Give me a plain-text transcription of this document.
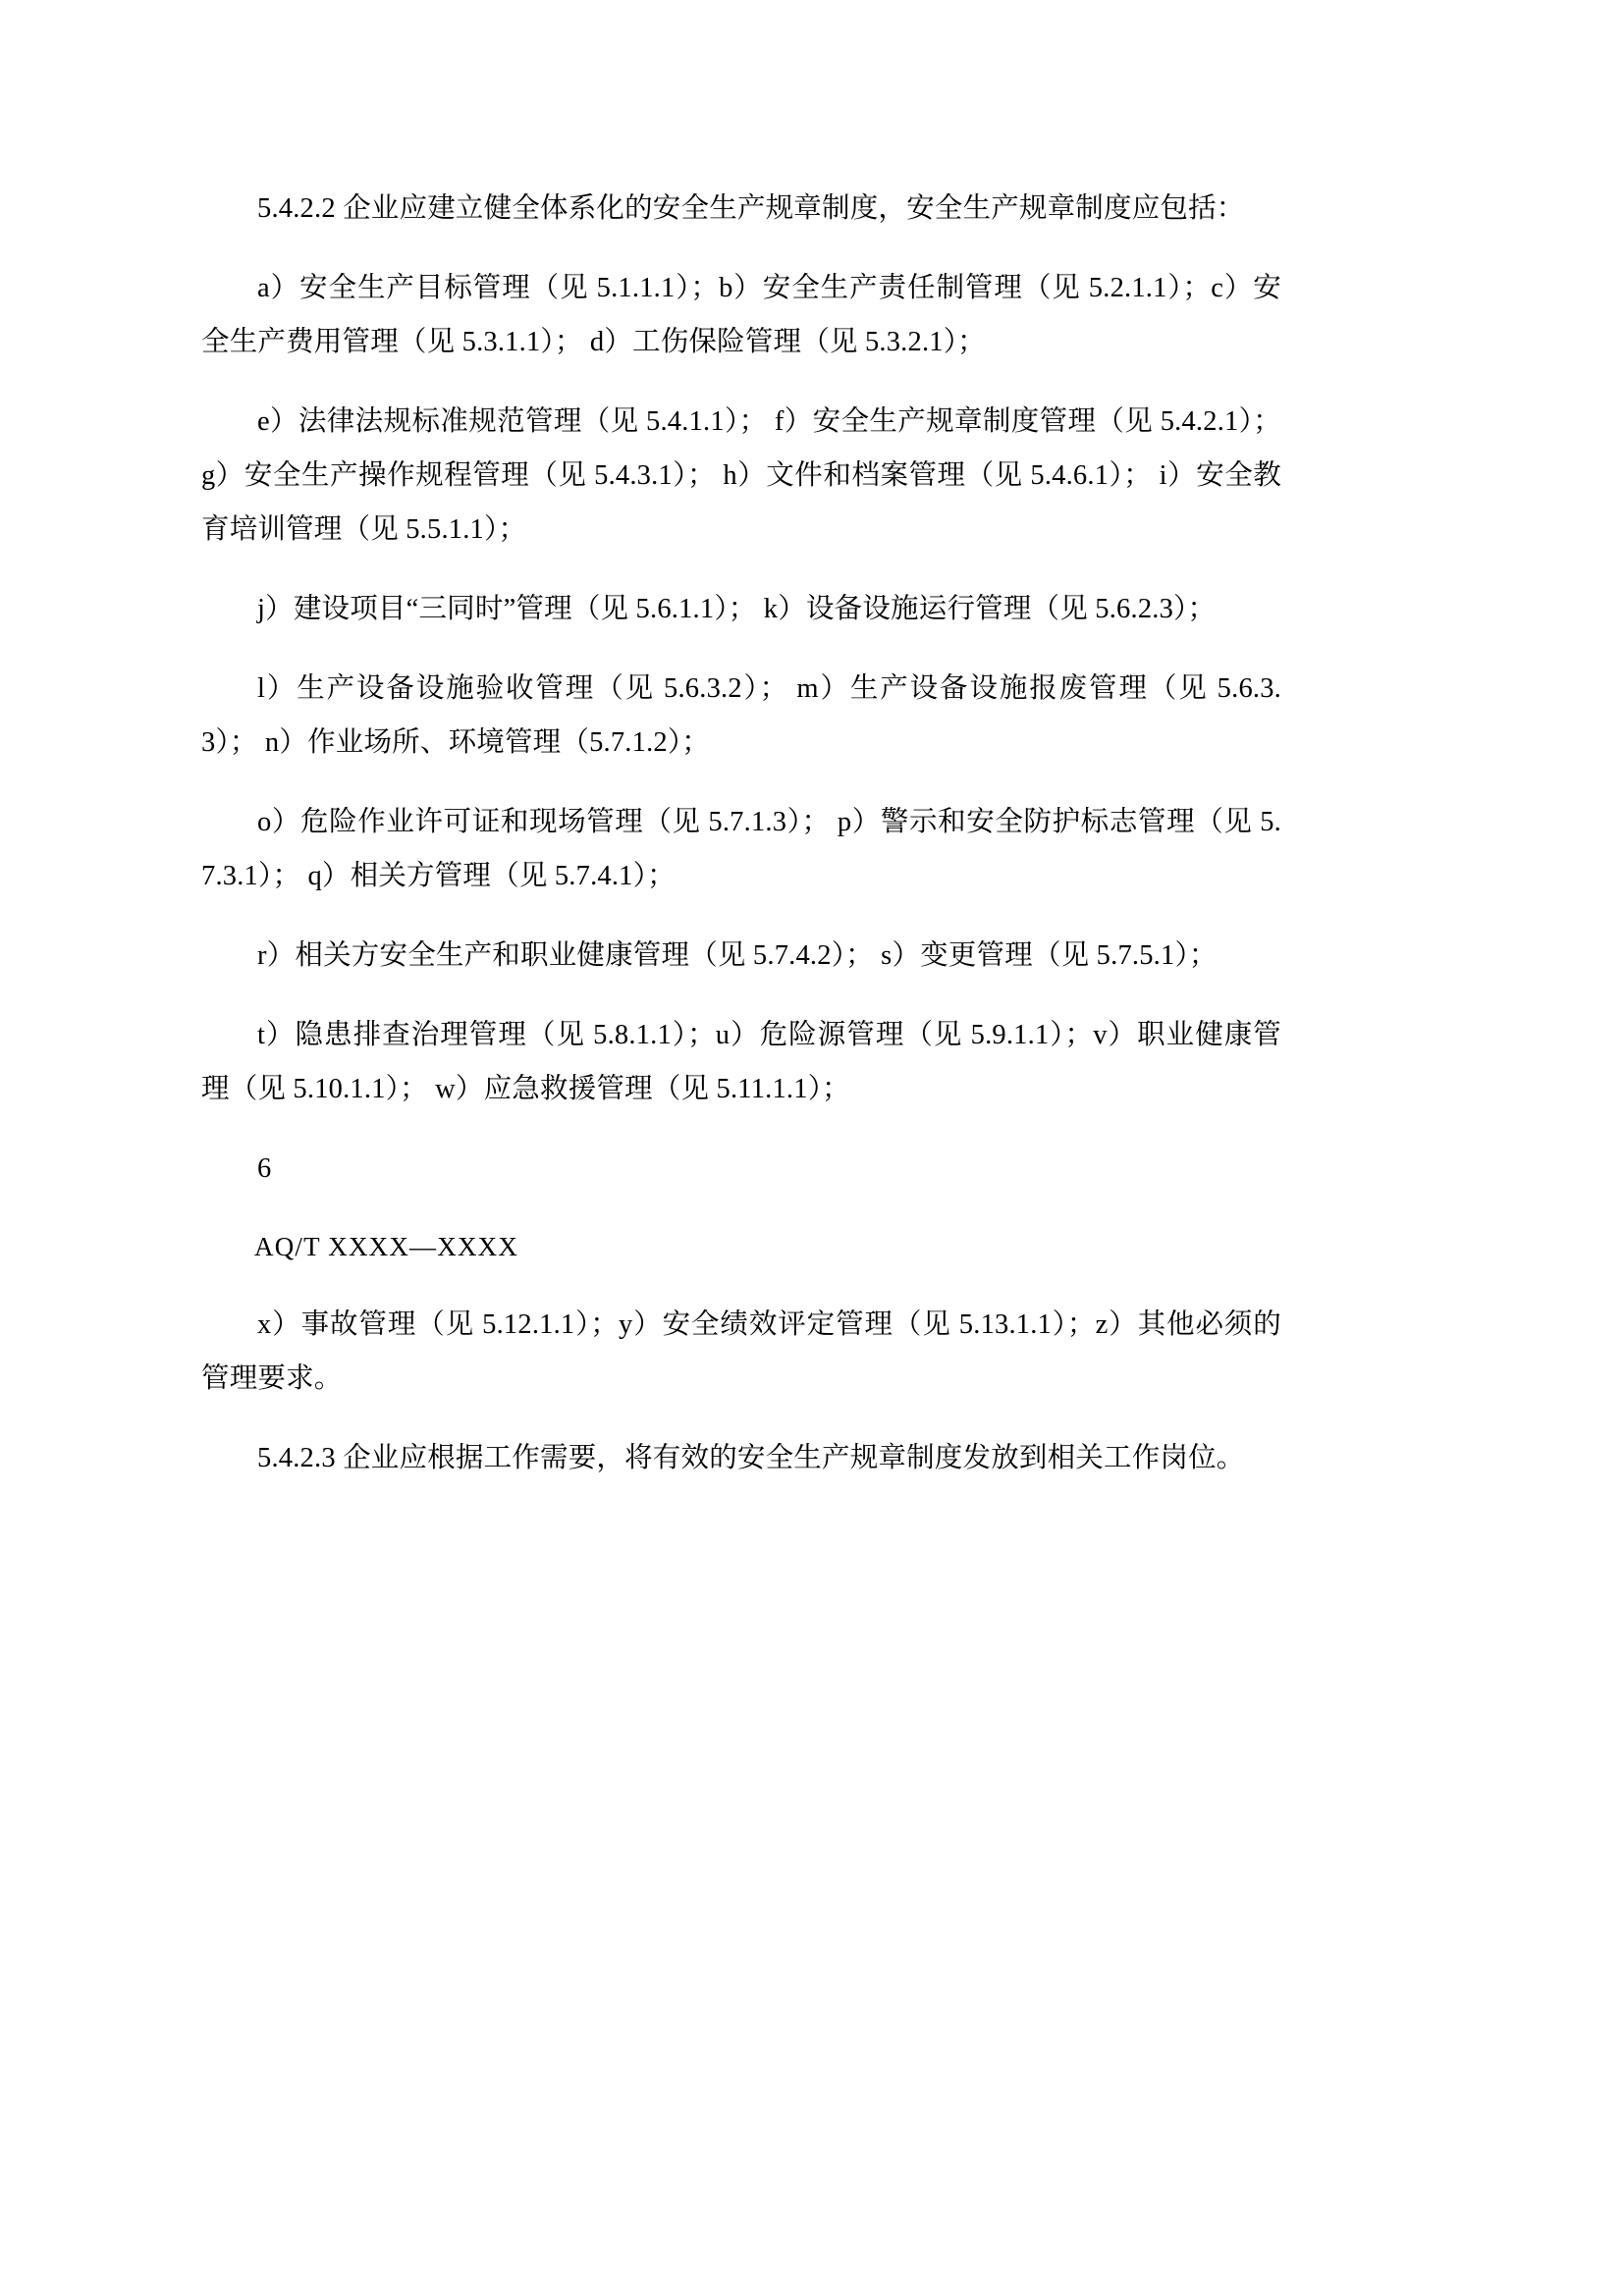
5.4.2.2 企业应建立健全体系化的安全生产规章制度，安全生产规章制度应包括：

a）安全生产目标管理（见 5.1.1.1）；b）安全生产责任制管理（见 5.2.1.1）；c）安全生产费用管理（见 5.3.1.1）； d）工伤保险管理（见 5.3.2.1）；

e）法律法规标准规范管理（见 5.4.1.1）； f）安全生产规章制度管理（见 5.4.2.1）； g）安全生产操作规程管理（见 5.4.3.1）； h）文件和档案管理（见 5.4.6.1）； i）安全教育培训管理（见 5.5.1.1）；

j）建设项目“三同时”管理（见 5.6.1.1）； k）设备设施运行管理（见 5.6.2.3）；

l）生产设备设施验收管理（见 5.6.3.2）； m）生产设备设施报废管理（见 5.6.3.3）； n）作业场所、环境管理（5.7.1.2）；

o）危险作业许可证和现场管理（见 5.7.1.3）； p）警示和安全防护标志管理（见 5.7.3.1）； q）相关方管理（见 5.7.4.1）；

r）相关方安全生产和职业健康管理（见 5.7.4.2）； s）变更管理（见 5.7.5.1）；

t）隐患排查治理管理（见 5.8.1.1）；u）危险源管理（见 5.9.1.1）；v）职业健康管理（见 5.10.1.1）； w）应急救援管理（见 5.11.1.1）；

6

AQ/T XXXX—XXXX

x）事故管理（见 5.12.1.1）；y）安全绩效评定管理（见 5.13.1.1）；z）其他必须的管理要求。

5.4.2.3 企业应根据工作需要，将有效的安全生产规章制度发放到相关工作岗位。
